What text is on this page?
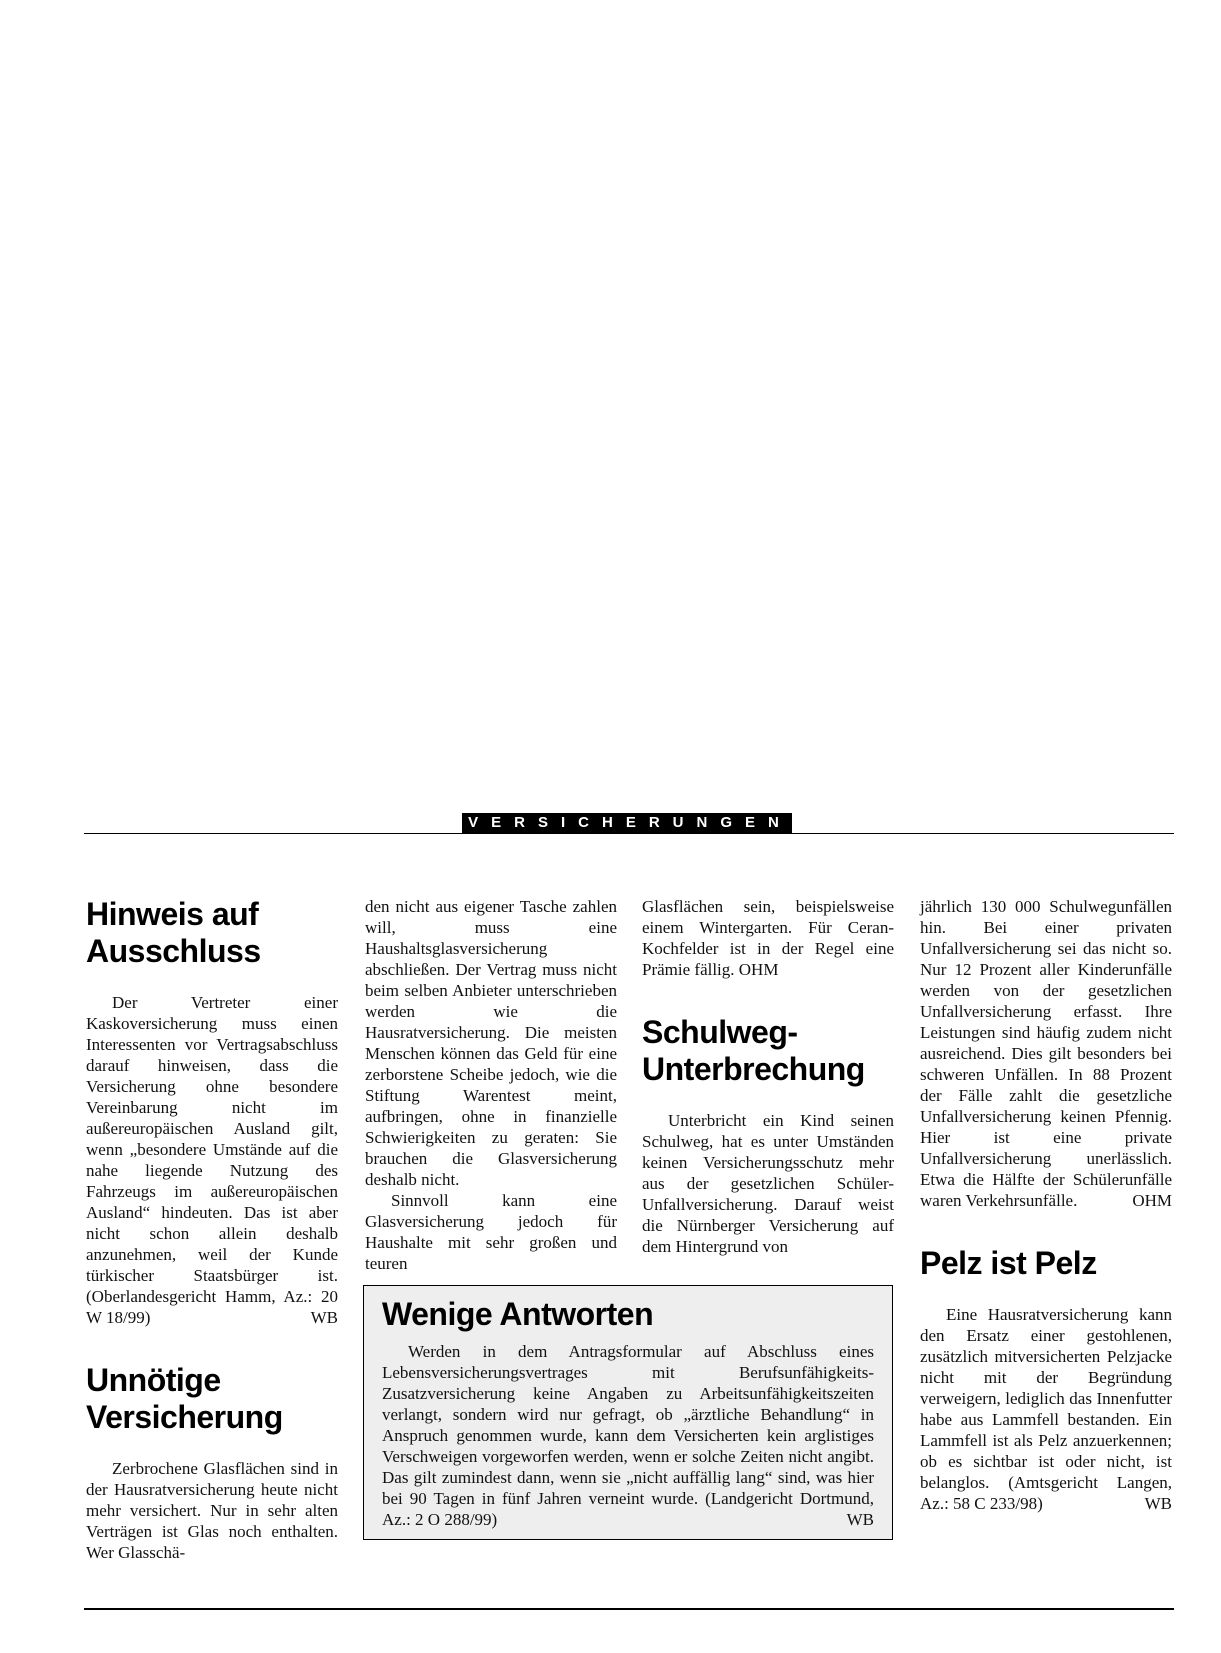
VERSICHERUNGEN
Hinweis auf Ausschluss

Der Vertreter einer Kaskoversicherung muss einen Interessenten vor Vertragsabschluss darauf hinweisen, dass die Versicherung ohne besondere Vereinbarung nicht im außereuropäischen Ausland gilt, wenn „besondere Umstände auf die nahe liegende Nutzung des Fahrzeugs im außereuropäischen Ausland“ hindeuten. Das ist aber nicht schon allein deshalb anzunehmen, weil der Kunde türkischer Staatsbürger ist. (Oberlandesgericht Hamm, Az.: 20 W 18/99)	WB

Unnötige Versicherung

Zerbrochene Glasflächen sind in der Hausratversicherung heute nicht mehr versichert. Nur in sehr alten Verträgen ist Glas noch enthalten. Wer Glasschä-

den nicht aus eigener Tasche zahlen will, muss eine Haushaltsglasversicherung abschließen. Der Vertrag muss nicht beim selben Anbieter unterschrieben werden wie die Hausratversicherung. Die meisten Menschen können das Geld für eine zerborstene Scheibe jedoch, wie die Stiftung Warentest meint, aufbringen, ohne in finanzielle Schwierigkeiten zu geraten: Sie brauchen die Glasversicherung deshalb nicht.

Sinnvoll kann eine Glasversicherung jedoch für Haushalte mit sehr großen und teuren

Glasflächen sein, beispielsweise einem Wintergarten. Für Ceran-Kochfelder ist in der Regel eine Prämie fällig. OHM

Schulweg-Unterbrechung

Unterbricht ein Kind seinen Schulweg, hat es unter Umständen keinen Versicherungsschutz mehr aus der gesetzlichen Schüler-Unfallversicherung. Darauf weist die Nürnberger Versicherung auf dem Hintergrund von

jährlich 130 000 Schulwegunfällen hin. Bei einer privaten Unfallversicherung sei das nicht so. Nur 12 Prozent aller Kinderunfälle werden von der gesetzlichen Unfallversicherung erfasst. Ihre Leistungen sind häufig zudem nicht ausreichend. Dies gilt besonders bei schweren Unfällen. In 88 Prozent der Fälle zahlt die gesetzliche Unfallversicherung keinen Pfennig. Hier ist eine private Unfallversicherung unerlässlich. Etwa die Hälfte der Schülerunfälle waren Verkehrsunfälle.	OHM

Pelz ist Pelz

Eine Hausratversicherung kann den Ersatz einer gestohlenen, zusätzlich mitversicherten Pelzjacke nicht mit der Begründung verweigern, lediglich das Innenfutter habe aus Lammfell bestanden. Ein Lammfell ist als Pelz anzuerkennen; ob es sichtbar ist oder nicht, ist belanglos. (Amtsgericht Langen, Az.: 58 C 233/98)	WB

Wenige Antworten

Werden in dem Antragsformular auf Abschluss eines Lebensversicherungsvertrages mit Berufsunfähigkeits-Zusatzversicherung keine Angaben zu Arbeitsunfähigkeitszeiten verlangt, sondern wird nur gefragt, ob „ärztliche Behandlung“ in Anspruch genommen wurde, kann dem Versicherten kein arglistiges Verschweigen vorgeworfen werden, wenn er solche Zeiten nicht angibt. Das gilt zumindest dann, wenn sie „nicht auffällig lang“ sind, was hier bei 90 Tagen in fünf Jahren verneint wurde. (Landgericht Dortmund, Az.: 2 O 288/99)	WB
